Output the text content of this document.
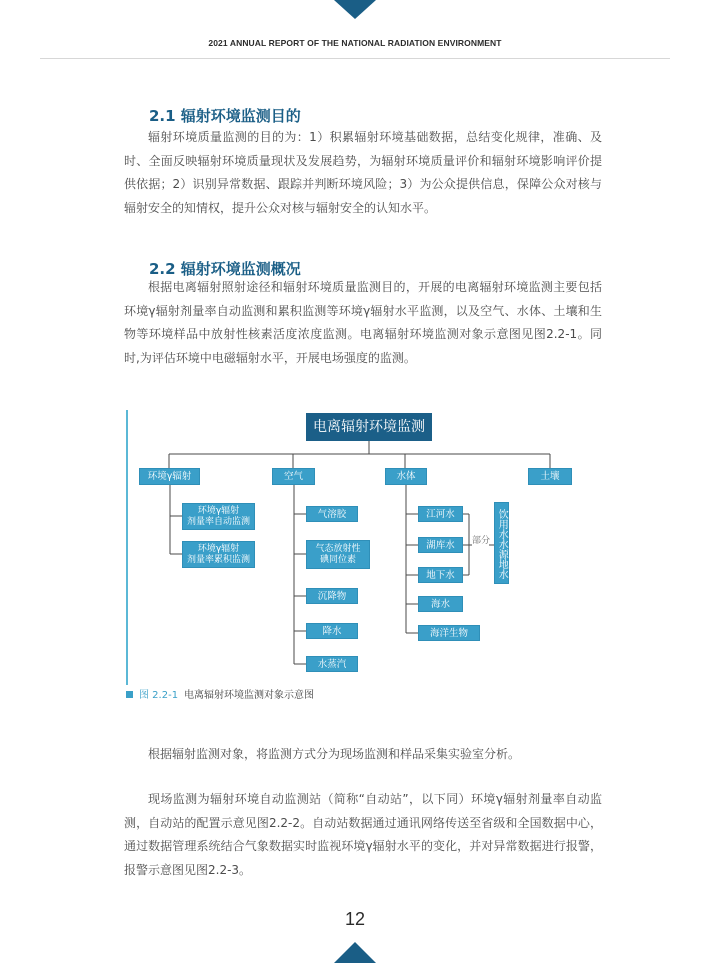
2021 ANNUAL REPORT OF THE NATIONAL RADIATION ENVIRONMENT
2.1 辐射环境监测目的

辐射环境质量监测的目的为：1）积累辐射环境基础数据，总结变化规律，准确、及时、全面反映辐射环境质量现状及发展趋势，为辐射环境质量评价和辐射环境影响评价提供依据；2）识别异常数据、跟踪并判断环境风险；3）为公众提供信息，保障公众对核与辐射安全的知情权，提升公众对核与辐射安全的认知水平。

2.2 辐射环境监测概况

根据电离辐射照射途径和辐射环境质量监测目的，开展的电离辐射环境监测主要包括环境γ辐射剂量率自动监测和累积监测等环境γ辐射水平监测，以及空气、水体、土壤和生物等环境样品中放射性核素活度浓度监测。电离辐射环境监测对象示意图见图2.2-1。同时,为评估环境中电磁辐射水平，开展电场强度的监测。

电离辐射环境监测
环境γ辐射	空气	水体	土壤
环境γ辐射
剂量率自动监测
环境γ辐射
剂量率累积监测
气溶胶
气态放射性
碘同位素
沉降物
降水
水蒸汽
江河水
湖库水
地下水
海水
海洋生物
部分 饮用水水源地水
图 2.2-1 电离辐射环境监测对象示意图

根据辐射监测对象，将监测方式分为现场监测和样品采集实验室分析。

现场监测为辐射环境自动监测站（简称“自动站”，以下同）环境γ辐射剂量率自动监测，自动站的配置示意见图2.2-2。自动站数据通过通讯网络传送至省级和全国数据中心，通过数据管理系统结合气象数据实时监视环境γ辐射水平的变化，并对异常数据进行报警，报警示意图见图2.2-3。

12
